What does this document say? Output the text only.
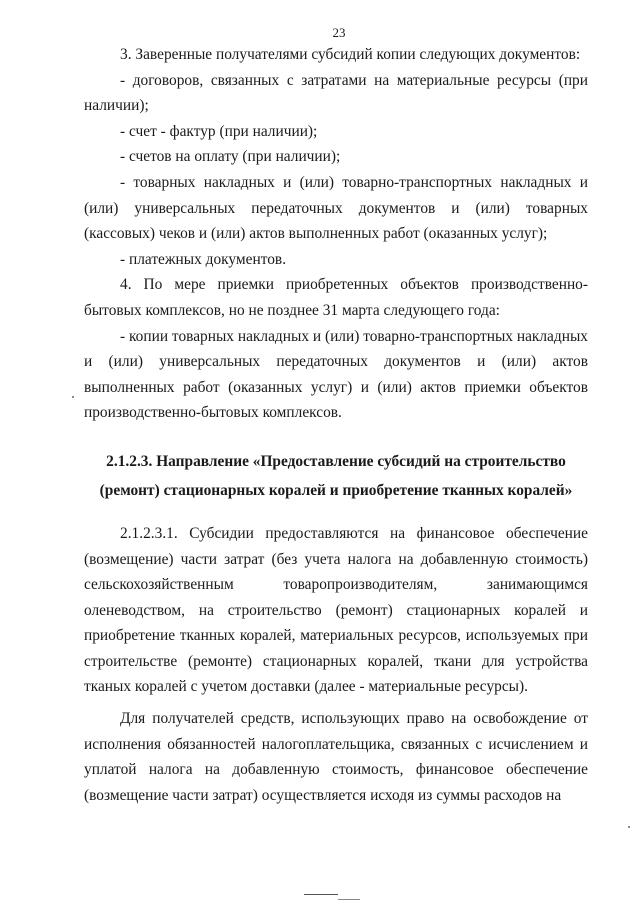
23

3. Заверенные получателями субсидий копии следующих документов:

- договоров, связанных с затратами на материальные ресурсы (при наличии);

- счет - фактур (при наличии);

- счетов на оплату (при наличии);

- товарных накладных и (или) товарно-транспортных накладных и (или) универсальных передаточных документов и (или) товарных (кассовых) чеков и (или) актов выполненных работ (оказанных услуг);

- платежных документов.

4. По мере приемки приобретенных объектов производственно-бытовых комплексов, но не позднее 31 марта следующего года:

- копии товарных накладных и (или) товарно-транспортных накладных и (или) универсальных передаточных документов и (или) актов выполненных работ (оказанных услуг) и (или) актов приемки объектов производственно-бытовых комплексов.

2.1.2.3. Направление «Предоставление субсидий на строительство

(ремонт) стационарных коралей и приобретение тканных коралей»

2.1.2.3.1. Субсидии предоставляются на финансовое обеспечение

(возмещение) части затрат (без учета налога на добавленную стоимость)

сельскохозяйственным	товаропроизводителям,	занимающимся

оленеводством, на строительство (ремонт) стационарных коралей и приобретение тканных коралей, материальных ресурсов, используемых при строительстве (ремонте) стационарных коралей, ткани для устройства тканых коралей с учетом доставки (далее - материальные ресурсы).

Для получателей средств, использующих право на освобождение от исполнения обязанностей налогоплательщика, связанных с исчислением и уплатой налога на добавленную стоимость, финансовое обеспечение (возмещение части затрат) осуществляется исходя из суммы расходов на
